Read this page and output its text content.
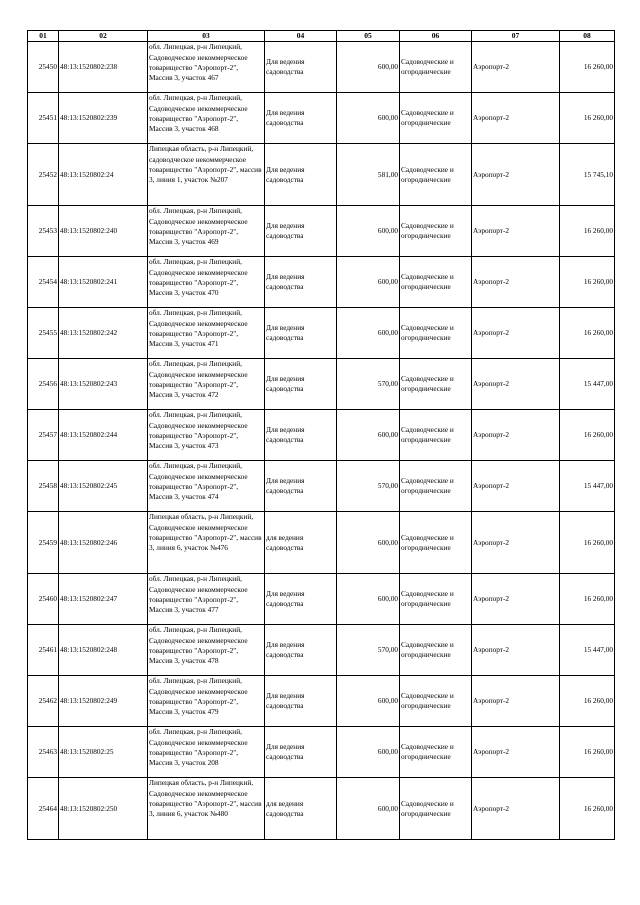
01	02	03	04	05	06	07	08
25450	48:13:1520802:238	обл. Липецкая, р-н Липецкий, Садоводческое некоммерческое товарищество "Аэропорт-2", Массив 3, участок 467	Для ведения садоводства	600,00	Садоводческие и огороднические	Аэропорт-2	16 260,00
25451	48:13:1520802:239	обл. Липецкая, р-н Липецкий, Садоводческое некоммерческое товарищество "Аэропорт-2", Массив 3, участок 468	Для ведения садоводства	600,00	Садоводческие и огороднические	Аэропорт-2	16 260,00
25452	48:13:1520802:24	Липецкая область, р-н Липецкий, садоводческое некоммерческое товарищество "Аэропорт-2", массив 3, линия 1, участок №207	Для ведения садоводства	581,00	Садоводческие и огороднические	Аэропорт-2	15 745,10
25453	48:13:1520802:240	обл. Липецкая, р-н Липецкий, Садоводческое некоммерческое товарищество "Аэропорт-2", Массив 3, участок 469	Для ведения садоводства	600,00	Садоводческие и огороднические	Аэропорт-2	16 260,00
25454	48:13:1520802:241	обл. Липецкая, р-н Липецкий, Садоводческое некоммерческое товарищество "Аэропорт-2", Массив 3, участок 470	Для ведения садоводства	600,00	Садоводческие и огороднические	Аэропорт-2	16 260,00
25455	48:13:1520802:242	обл. Липецкая, р-н Липецкий, Садоводческое некоммерческое товарищество "Аэропорт-2", Массив 3, участок 471	Для ведения садоводства	600,00	Садоводческие и огороднические	Аэропорт-2	16 260,00
25456	48:13:1520802:243	обл. Липецкая, р-н Липецкий, Садоводческое некоммерческое товарищество "Аэропорт-2", Массив 3, участок 472	Для ведения садоводства	570,00	Садоводческие и огороднические	Аэропорт-2	15 447,00
25457	48:13:1520802:244	обл. Липецкая, р-н Липецкий, Садоводческое некоммерческое товарищество "Аэропорт-2", Массив 3, участок 473	Для ведения садоводства	600,00	Садоводческие и огороднические	Аэропорт-2	16 260,00
25458	48:13:1520802:245	обл. Липецкая, р-н Липецкий, Садоводческое некоммерческое товарищество "Аэропорт-2", Массив 3, участок 474	Для ведения садоводства	570,00	Садоводческие и огороднические	Аэропорт-2	15 447,00
25459	48:13:1520802:246	Липецкая область, р-н Липецкий, Садоводческое некоммерческое товарищество "Аэропорт-2", массив 3, линия 6, участок №476	для ведения садоводства	600,00	Садоводческие и огороднические	Аэропорт-2	16 260,00
25460	48:13:1520802:247	обл. Липецкая, р-н Липецкий, Садоводческое некоммерческое товарищество "Аэропорт-2", Массив 3, участок 477	Для ведения садоводства	600,00	Садоводческие и огороднические	Аэропорт-2	16 260,00
25461	48:13:1520802:248	обл. Липецкая, р-н Липецкий, Садоводческое некоммерческое товарищество "Аэропорт-2", Массив 3, участок 478	Для ведения садоводства	570,00	Садоводческие и огороднические	Аэропорт-2	15 447,00
25462	48:13:1520802:249	обл. Липецкая, р-н Липецкий, Садоводческое некоммерческое товарищество "Аэропорт-2", Массив 3, участок 479	Для ведения садоводства	600,00	Садоводческие и огороднические	Аэропорт-2	16 260,00
25463	48:13:1520802:25	обл. Липецкая, р-н Липецкий, Садоводческое некоммерческое товарищество "Аэропорт-2", Массив 3, участок 208	Для ведения садоводства	600,00	Садоводческие и огороднические	Аэропорт-2	16 260,00
25464	48:13:1520802:250	Липецкая область, р-н Липецкий, Садоводческое некоммерческое товарищество "Аэропорт-2", массив 3, линия 6, участок №480	для ведения садоводства	600,00	Садоводческие и огороднические	Аэропорт-2	16 260,00
